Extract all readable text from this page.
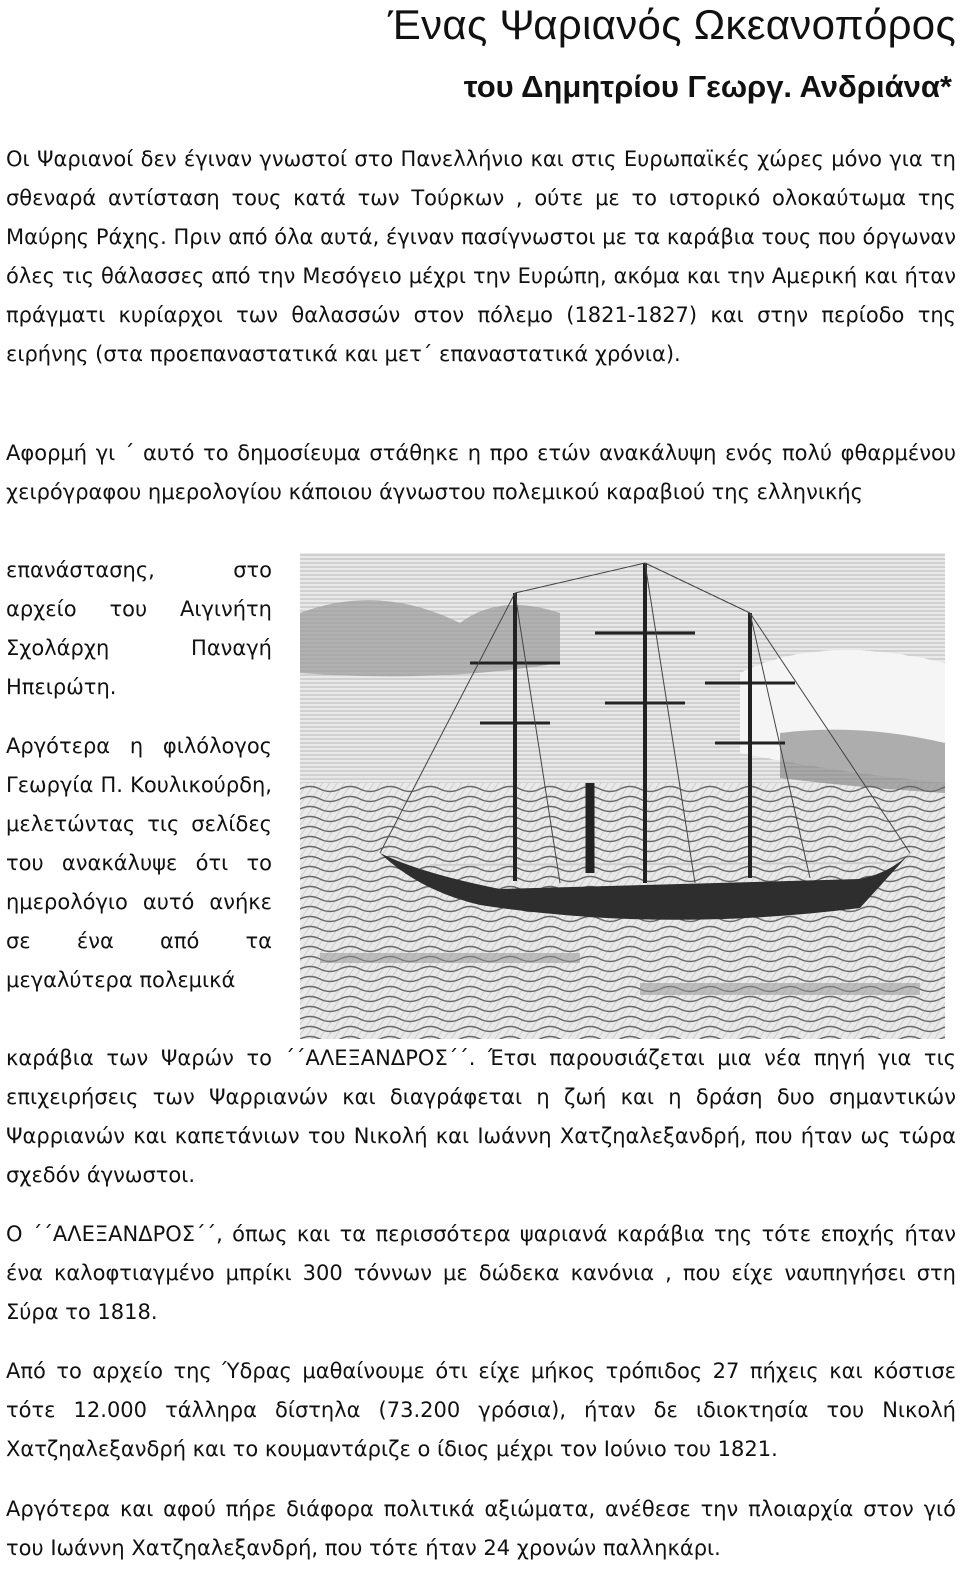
Ένας Ψαριανός Ωκεανοπόρος
του Δημητρίου Γεωργ. Ανδριάνα*

Οι Ψαριανοί δεν έγιναν γνωστοί στο Πανελλήνιο και στις Ευρωπαϊκές χώρες μόνο για τη σθεναρά αντίσταση τους κατά των Τούρκων , ούτε με το ιστορικό ολοκαύτωμα της Μαύρης Ράχης. Πριν από όλα αυτά, έγιναν πασίγνωστοι με τα καράβια τους που όργωναν όλες τις θάλασσες από την Μεσόγειο μέχρι την Ευρώπη, ακόμα και την Αμερική και ήταν πράγματι κυρίαρχοι των θαλασσών στον πόλεμο (1821-1827) και στην περίοδο της ειρήνης (στα προεπαναστατικά και μετ΄ επαναστατικά χρόνια).

Αφορμή γι ΄ αυτό το δημοσίευμα στάθηκε η προ ετών ανακάλυψη ενός πολύ φθαρμένου χειρόγραφου ημερολογίου κάποιου άγνωστου πολεμικού καραβιού της ελληνικής

επανάστασης, στο αρχείο του Αιγινήτη Σχολάρχη Παναγή Ηπειρώτη.

Αργότερα η φιλόλογος Γεωργία Π. Κουλικούρδη, μελετώντας τις σελίδες του ανακάλυψε ότι το ημερολόγιο αυτό ανήκε σε ένα από τα μεγαλύτερα πολεμικά

καράβια των Ψαρών το ΄΄ΑΛΕΞΑΝΔΡΟΣ΄΄. Έτσι παρουσιάζεται μια νέα πηγή για τις επιχειρήσεις των Ψαρριανών και διαγράφεται η ζωή και η δράση δυο σημαντικών Ψαρριανών και καπετάνιων του Νικολή και Ιωάννη Χατζηαλεξανδρή, που ήταν ως τώρα σχεδόν άγνωστοι.

Ο ΄΄ΑΛΕΞΑΝΔΡΟΣ΄΄, όπως και τα περισσότερα ψαριανά καράβια της τότε εποχής ήταν ένα καλοφτιαγμένο μπρίκι 300 τόννων με δώδεκα κανόνια , που είχε ναυπηγήσει στη Σύρα το 1818.

Από το αρχείο της Ύδρας μαθαίνουμε ότι είχε μήκος τρόπιδος 27 πήχεις και κόστισε τότε 12.000 τάλληρα δίστηλα (73.200 γρόσια), ήταν δε ιδιοκτησία του Νικολή Χατζηαλεξανδρή και το κουμαντάριζε ο ίδιος μέχρι τον Ιούνιο του 1821.

Αργότερα και αφού πήρε διάφορα πολιτικά αξιώματα, ανέθεσε την πλοιαρχία στον γιό του Ιωάννη Χατζηαλεξανδρή, που τότε ήταν 24 χρονών παλληκάρι.
